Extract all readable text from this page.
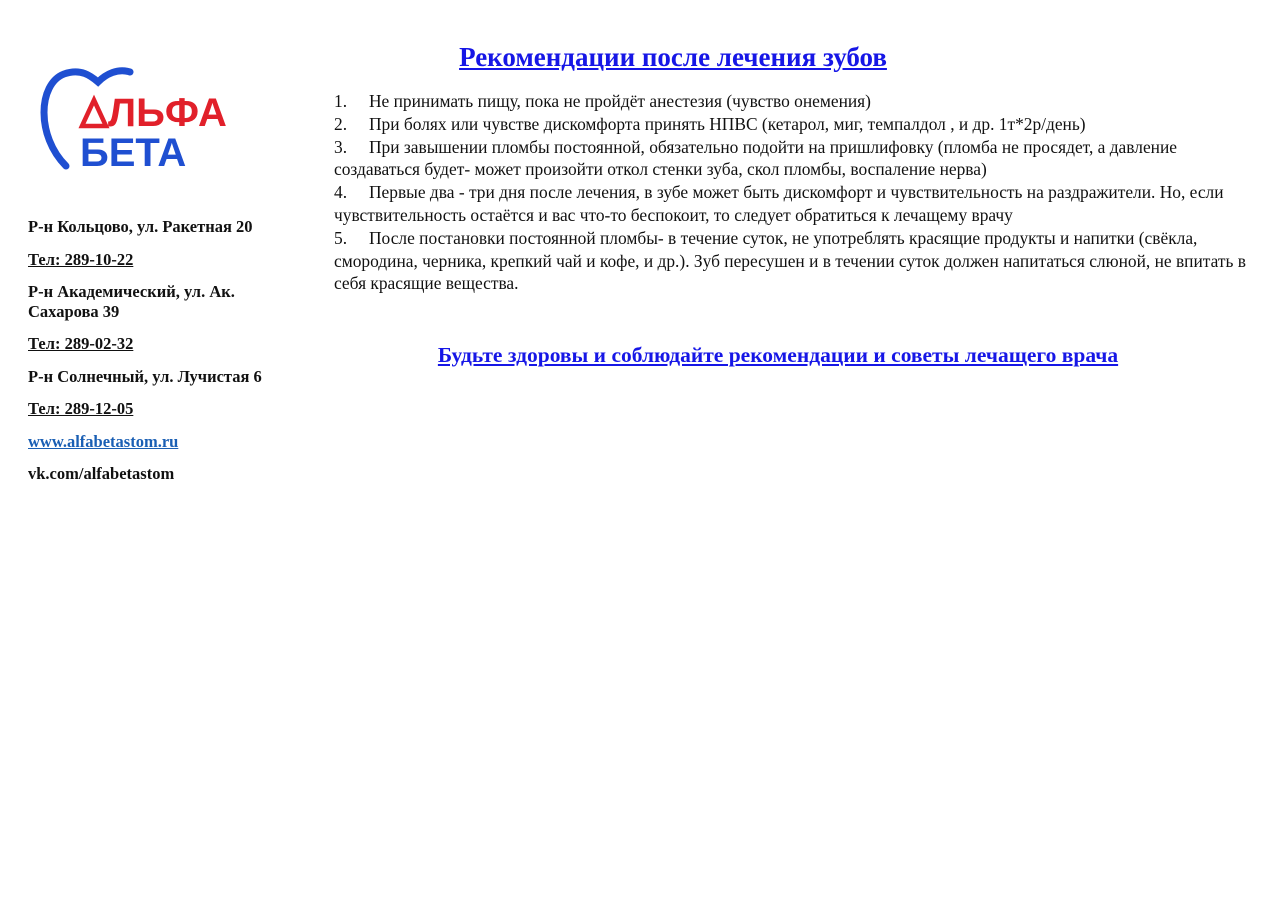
ЛЬФА
БЕТА
Р-н Кольцово, ул. Ракетная 20
Тел: 289-10-22
Р-н Академический, ул. Ак. Сахарова 39
Тел: 289-02-32
Р-н Солнечный, ул. Лучистая 6
Тел: 289-12-05
www.alfabetastom.ru
vk.com/alfabetastom
Рекомендации после лечения зубов

1. Не принимать пищу, пока не пройдёт анестезия (чувство онемения)

2. При болях или чувстве дискомфорта принять НПВС (кетарол, миг, темпалдол , и др. 1т*2р/день)

3. При завышении пломбы постоянной, обязательно подойти на пришлифовку (пломба не просядет, а давление создаваться будет- может произойти откол стенки зуба, скол пломбы, воспаление нерва)

4. Первые два - три дня после лечения, в зубе может быть дискомфорт и чувствительность на раздражители. Но, если чувствительность остаётся и вас что-то беспокоит, то следует обратиться к лечащему врачу

5. После постановки постоянной пломбы- в течение суток, не употреблять красящие продукты и напитки (свёкла, смородина, черника, крепкий чай и кофе, и др.). Зуб пересушен и в течении суток должен напитаться слюной, не впитать в себя красящие вещества.

Будьте здоровы и соблюдайте рекомендации и советы лечащего врача
